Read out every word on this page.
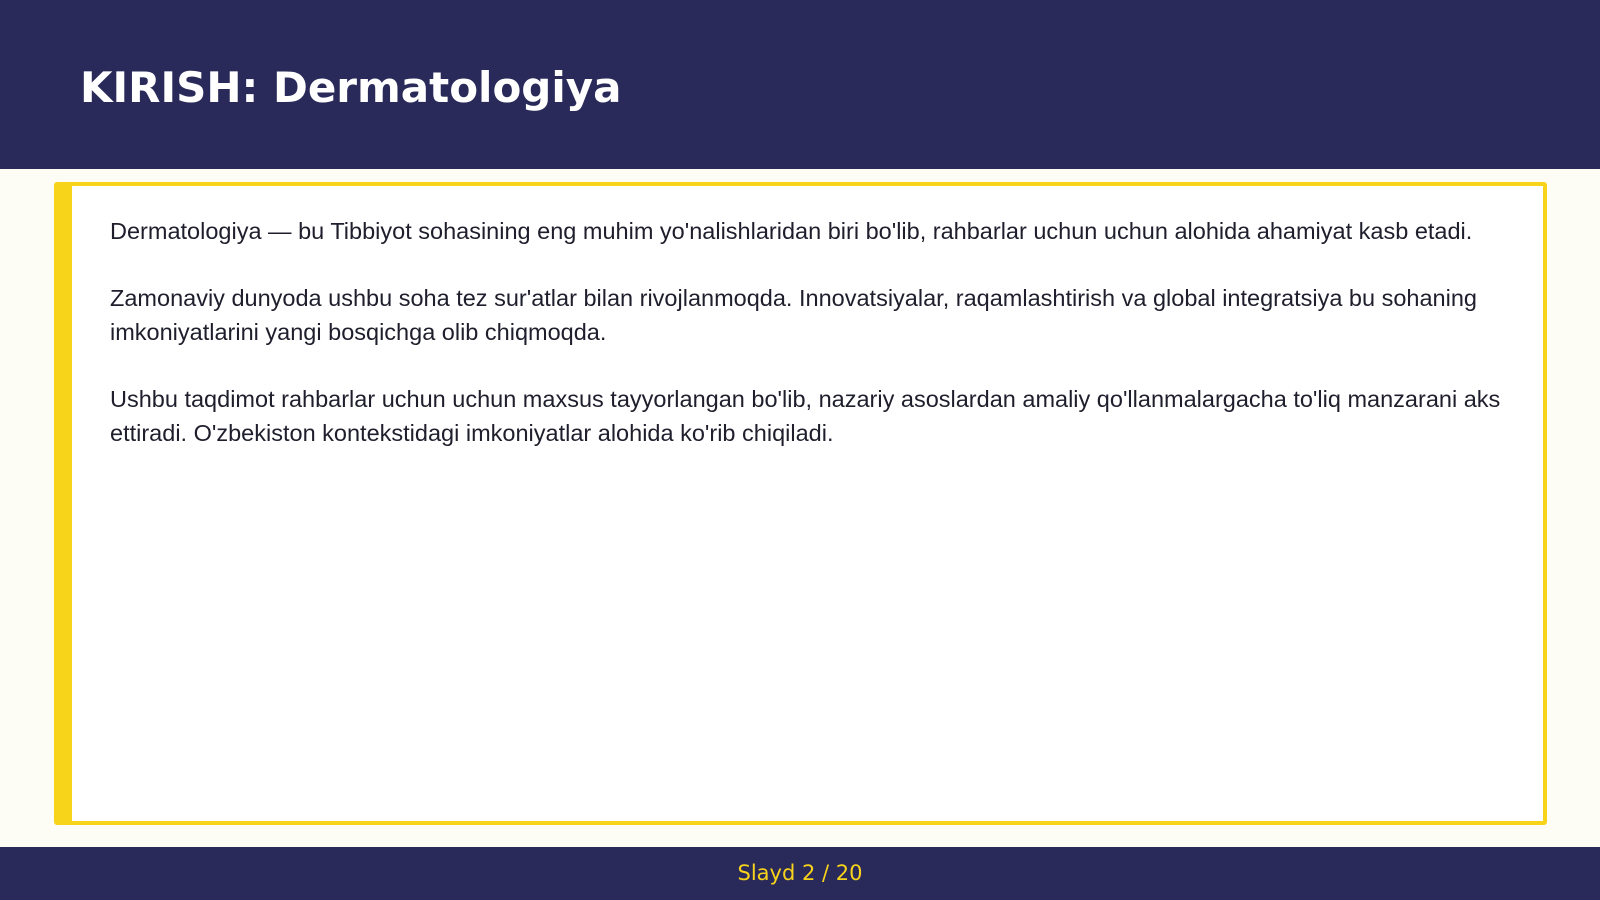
KIRISH: Dermatologiya

Dermatologiya — bu Tibbiyot sohasining eng muhim yo'nalishlaridan biri bo'lib, rahbarlar uchun uchun alohida ahamiyat kasb etadi.

Zamonaviy dunyoda ushbu soha tez sur'atlar bilan rivojlanmoqda. Innovatsiyalar, raqamlashtirish va global integratsiya bu sohaning imkoniyatlarini yangi bosqichga olib chiqmoqda.

Ushbu taqdimot rahbarlar uchun uchun maxsus tayyorlangan bo'lib, nazariy asoslardan amaliy qo'llanmalargacha to'liq manzarani aks ettiradi. O'zbekiston kontekstidagi imkoniyatlar alohida ko'rib chiqiladi.

Slayd 2 / 20
